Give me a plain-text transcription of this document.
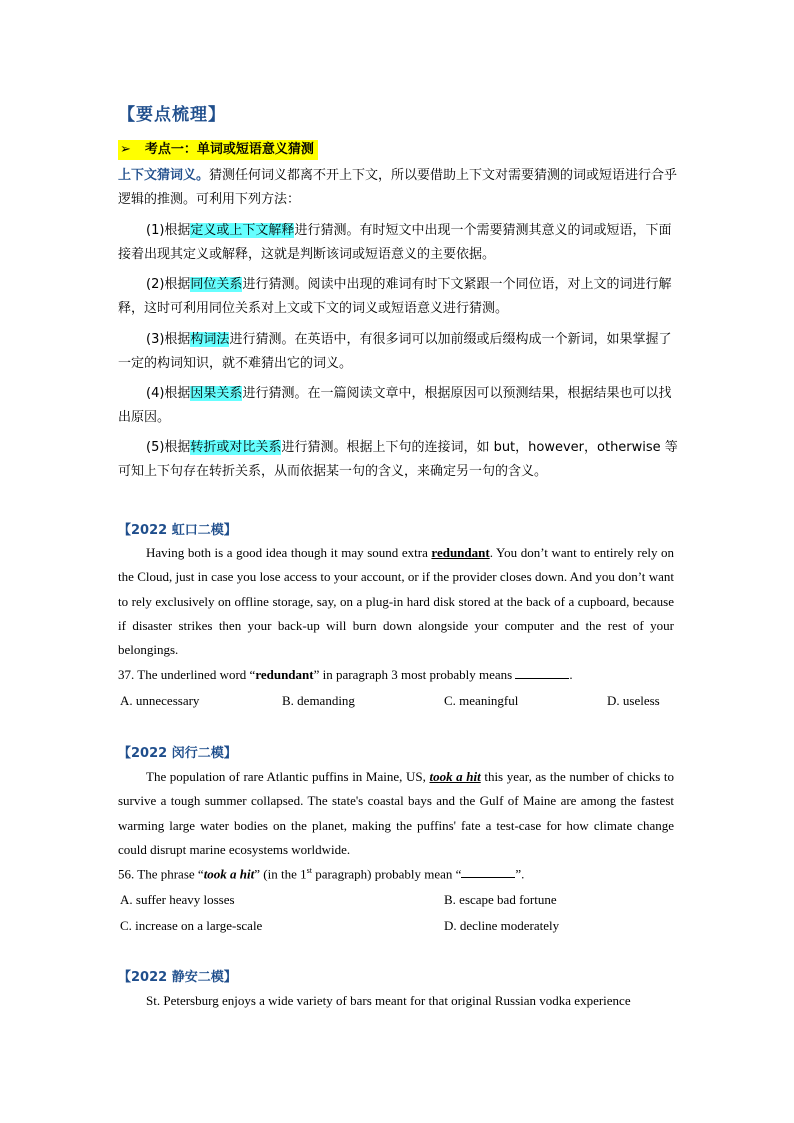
【要点梳理】
➢ 考点一：单词或短语意义猜测
上下文猜词义。猜测任何词义都离不开上下文，所以要借助上下文对需要猜测的词或短语进行合乎逻辑的推测。可利用下列方法：
(1)根据定义或上下文解释进行猜测。有时短文中出现一个需要猜测其意义的词或短语，下面接着出现其定义或解释，这就是判断该词或短语意义的主要依据。
(2)根据同位关系进行猜测。阅读中出现的难词有时下文紧跟一个同位语，对上文的词进行解释，这时可利用同位关系对上文或下文的词义或短语意义进行猜测。
(3)根据构词法进行猜测。在英语中，有很多词可以加前缀或后缀构成一个新词，如果掌握了一定的构词知识，就不难猜出它的词义。
(4)根据因果关系进行猜测。在一篇阅读文章中，根据原因可以预测结果，根据结果也可以找出原因。
(5)根据转折或对比关系进行猜测。根据上下句的连接词，如 but，however，otherwise 等可知上下句存在转折关系，从而依据某一句的含义，来确定另一句的含义。
【2022 虹口二模】
Having both is a good idea though it may sound extra redundant. You don’t want to entirely rely on the Cloud, just in case you lose access to your account, or if the provider closes down. And you don’t want to rely exclusively on offline storage, say, on a plug-in hard disk stored at the back of a cupboard, because if disaster strikes then your back-up will burn down alongside your computer and the rest of your belongings.
37. The underlined word “redundant” in paragraph 3 most probably means	.
A. unnecessary	B. demanding	C. meaningful	D. useless
【2022 闵行二模】
The population of rare Atlantic puffins in Maine, US, took a hit this year, as the number of chicks to survive a tough summer collapsed. The state's coastal bays and the Gulf of Maine are among the fastest warming large water bodies on the planet, making the puffins' fate a test-case for how climate change could disrupt marine ecosystems worldwide.
56. The phrase “took a hit” (in the 1st paragraph) probably mean “	”.
A. suffer heavy losses	B. escape bad fortune
C. increase on a large-scale	D. decline moderately
【2022 静安二模】
St. Petersburg enjoys a wide variety of bars meant for that original Russian vodka experience
